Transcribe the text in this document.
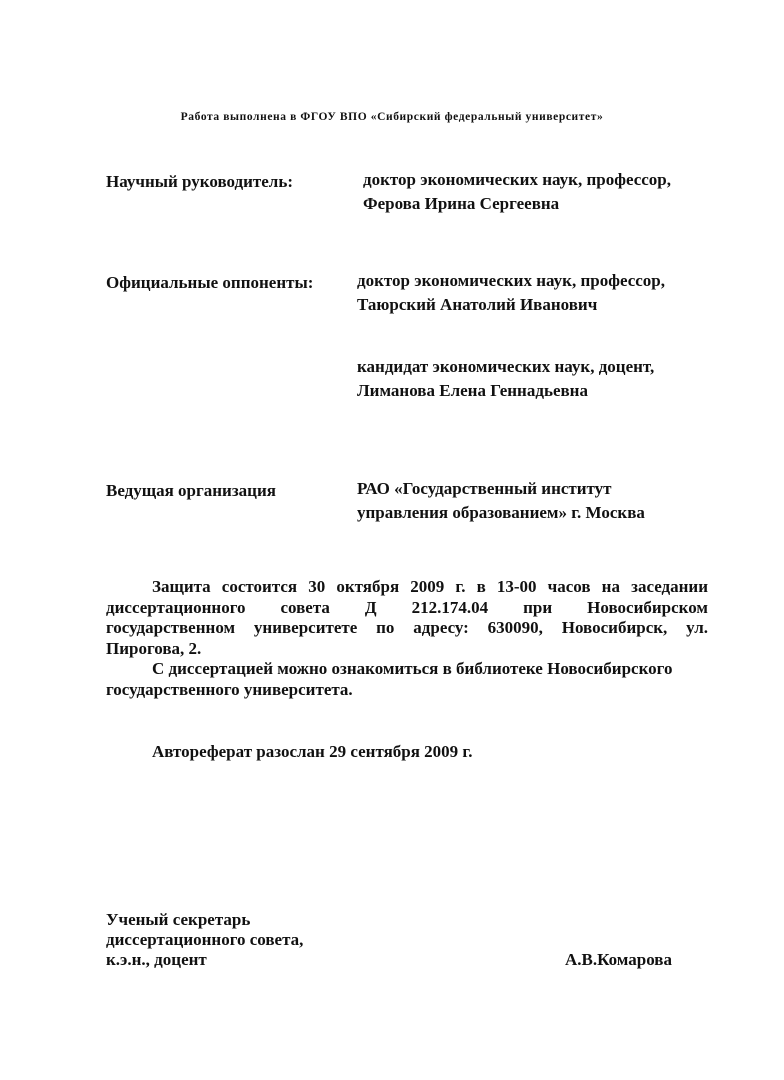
Работа выполнена в ФГОУ ВПО «Сибирский федеральный университет»
Научный руководитель:	доктор экономических наук, профессор,
Ферова Ирина Сергеевна
Официальные оппоненты:	доктор экономических наук, профессор,
Таюрский Анатолий Иванович
кандидат экономических наук, доцент,
Лиманова Елена Геннадьевна
Ведущая организация	РАО «Государственный институт
управления образованием» г. Москва
Защита состоится 30 октября 2009 г. в 13-00 часов на заседании
диссертационного совета Д 212.174.04 при Новосибирском
государственном университете по адресу: 630090, Новосибирск, ул.
Пирогова, 2.
С диссертацией можно ознакомиться в библиотеке Новосибирского
государственного университета.
Автореферат разослан 29 сентября 2009 г.
Ученый секретарь
диссертационного совета,
к.э.н., доцент	А.В.Комарова
